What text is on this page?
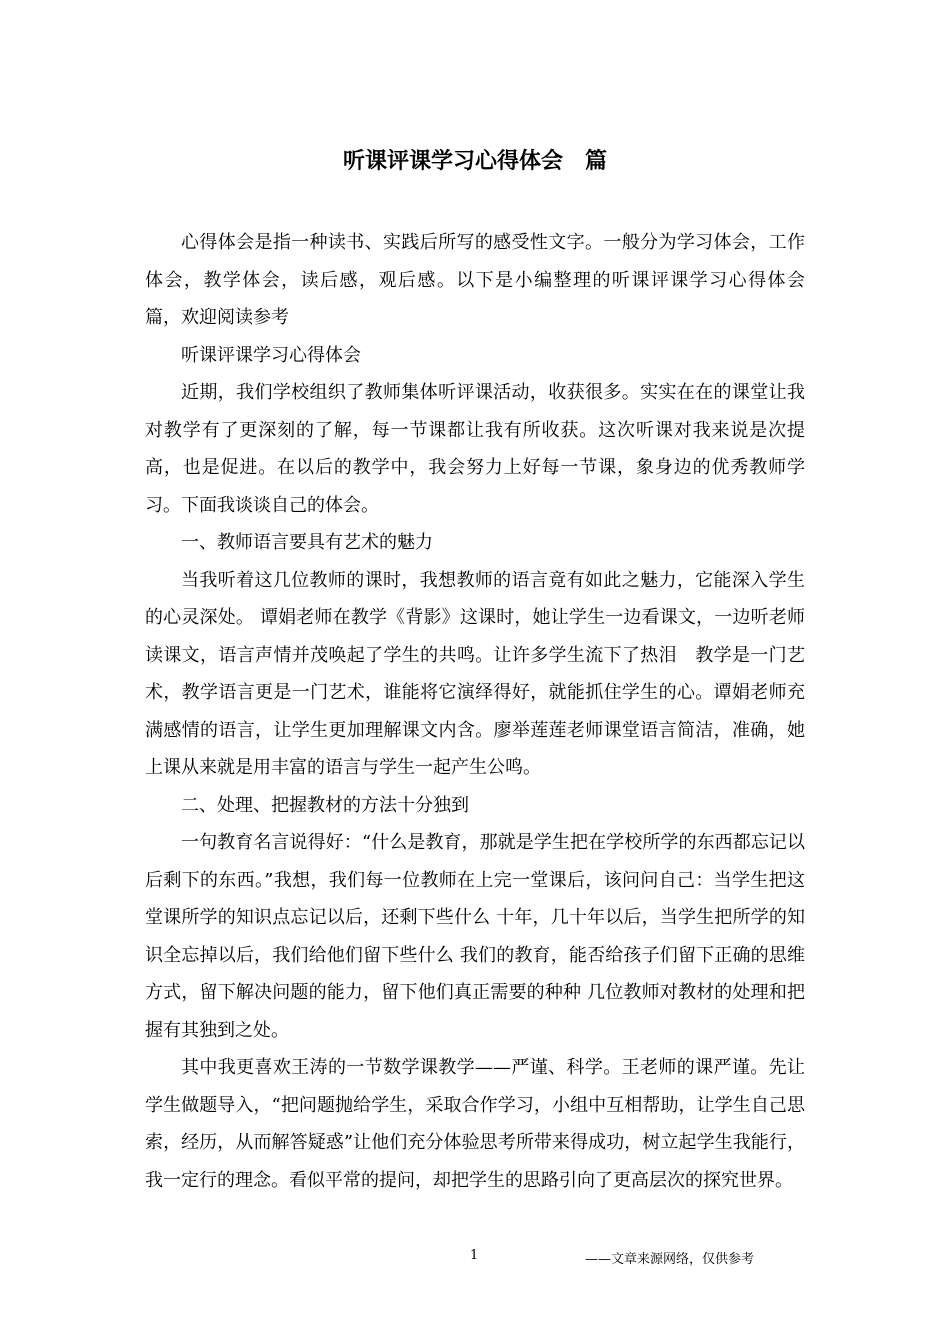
听课评课学习心得体会　篇

心得体会是指一种读书、实践后所写的感受性文字。一般分为学习体会，工作体会，教学体会，读后感，观后感。以下是小编整理的听课评课学习心得体会　篇，欢迎阅读参考

听课评课学习心得体会

近期，我们学校组织了教师集体听评课活动，收获很多。实实在在的课堂让我对教学有了更深刻的了解，每一节课都让我有所收获。这次听课对我来说是次提高，也是促进。在以后的教学中，我会努力上好每一节课，象身边的优秀教师学习。下面我谈谈自己的体会。

一、教师语言要具有艺术的魅力

当我听着这几位教师的课时，我想教师的语言竟有如此之魅力，它能深入学生的心灵深处。 谭娟老师在教学《背影》这课时，她让学生一边看课文，一边听老师读课文，语言声情并茂唤起了学生的共鸣。让许多学生流下了热泪　教学是一门艺术，教学语言更是一门艺术，谁能将它演绎得好，就能抓住学生的心。谭娟老师充满感情的语言，让学生更加理解课文内含。廖举莲莲老师课堂语言简洁，准确，她上课从来就是用丰富的语言与学生一起产生公鸣。

二、处理、把握教材的方法十分独到

一句教育名言说得好：“什么是教育，那就是学生把在学校所学的东西都忘记以后剩下的东西。”我想，我们每一位教师在上完一堂课后，该问问自己：当学生把这堂课所学的知识点忘记以后，还剩下些什么 十年，几十年以后，当学生把所学的知识全忘掉以后，我们给他们留下些什么 我们的教育，能否给孩子们留下正确的思维方式，留下解决问题的能力，留下他们真正需要的种种 几位教师对教材的处理和把握有其独到之处。

其中我更喜欢王涛的一节数学课教学——严谨、科学。王老师的课严谨。先让学生做题导入，“把问题抛给学生，采取合作学习，小组中互相帮助，让学生自己思索，经历，从而解答疑惑”让他们充分体验思考所带来得成功，树立起学生我能行，我一定行的理念。看似平常的提问，却把学生的思路引向了更高层次的探究世界。

1	——文章来源网络，仅供参考
